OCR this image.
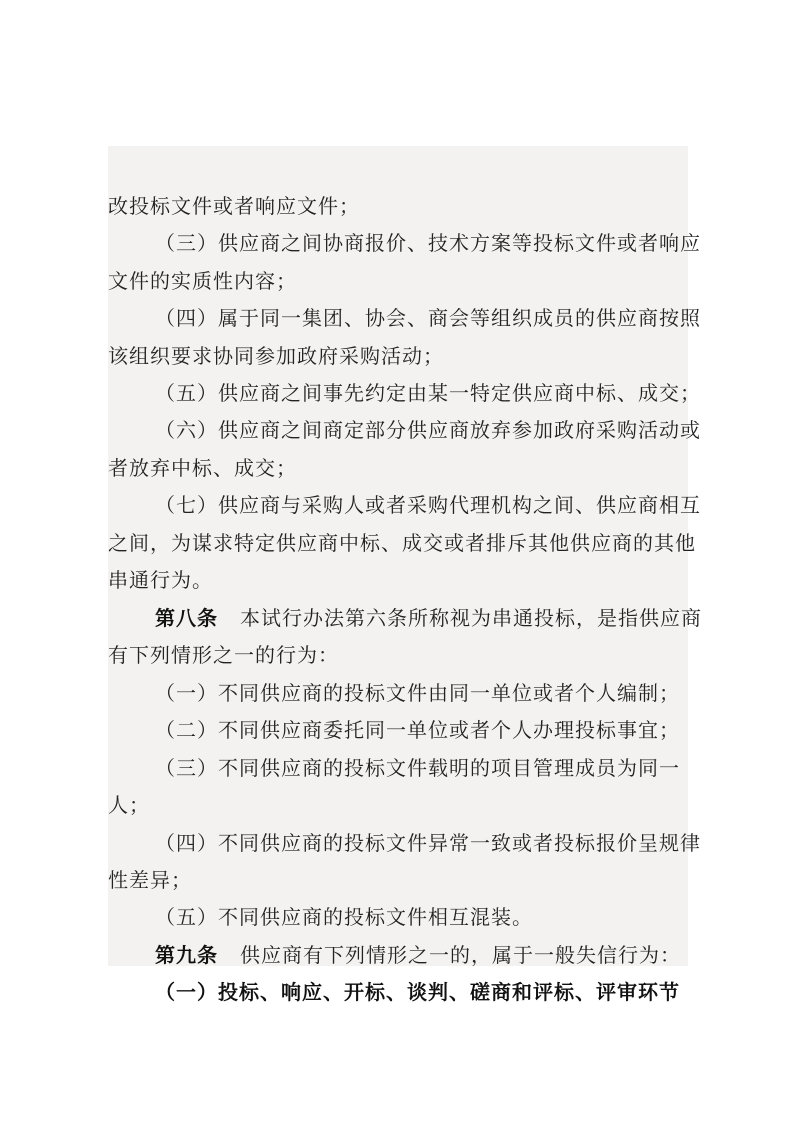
改投标文件或者响应文件；
（三）供应商之间协商报价、技术方案等投标文件或者响应
文件的实质性内容；
（四）属于同一集团、协会、商会等组织成员的供应商按照
该组织要求协同参加政府采购活动；
（五）供应商之间事先约定由某一特定供应商中标、成交；
（六）供应商之间商定部分供应商放弃参加政府采购活动或
者放弃中标、成交；
（七）供应商与采购人或者采购代理机构之间、供应商相互
之间，为谋求特定供应商中标、成交或者排斥其他供应商的其他
串通行为。
第八条 本试行办法第六条所称视为串通投标，是指供应商
有下列情形之一的行为：
（一）不同供应商的投标文件由同一单位或者个人编制；
（二）不同供应商委托同一单位或者个人办理投标事宜；
（三）不同供应商的投标文件载明的项目管理成员为同一
人；
（四）不同供应商的投标文件异常一致或者投标报价呈规律
性差异；
（五）不同供应商的投标文件相互混装。
第九条 供应商有下列情形之一的，属于一般失信行为：
（一）投标、响应、开标、谈判、磋商和评标、评审环节
